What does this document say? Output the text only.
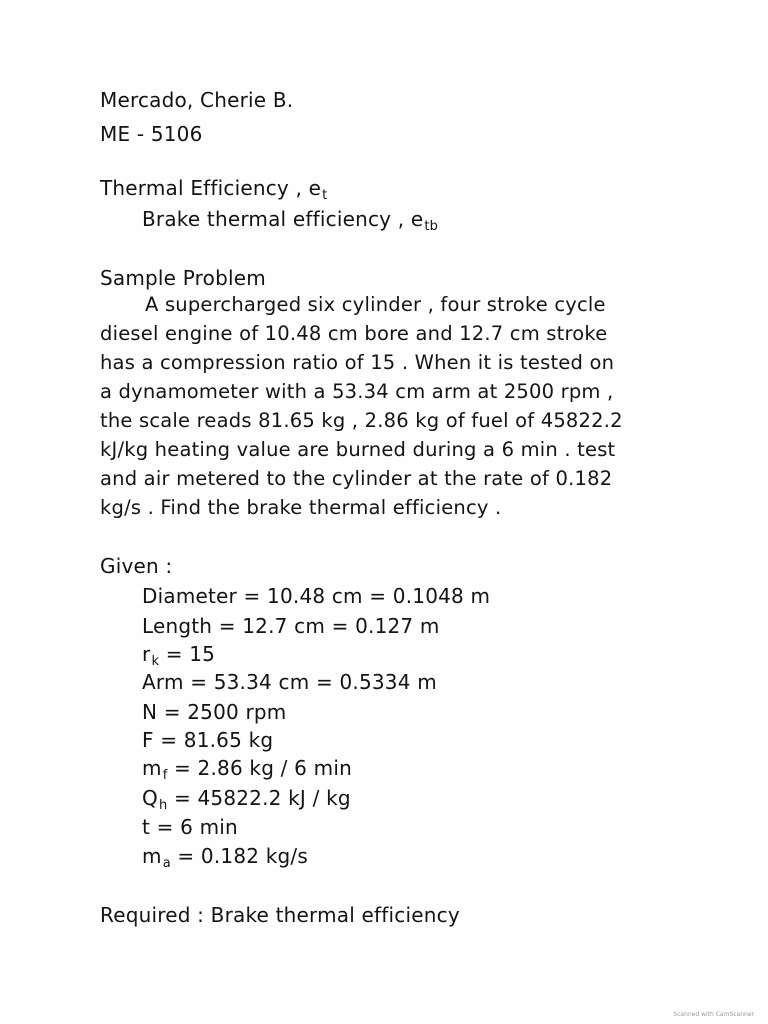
Mercado, Cherie B.
ME - 5106
Thermal Efficiency , $e_t$
Brake thermal efficiency , $e_{tb}$
Sample Problem
A supercharged six cylinder , four stroke cycle
diesel engine of 10.48 cm bore and 12.7 cm stroke
has a compression ratio of 15 . When it is tested on
a dynamometer with a 53.34 cm arm at 2500 rpm ,
the scale reads 81.65 kg , 2.86 kg of fuel of 45822.2
kJ/kg heating value are burned during a 6 min . test
and air metered to the cylinder at the rate of 0.182
kg/s . Find the brake thermal efficiency .
Given :
Diameter = 10.48 cm = 0.1048 m
Length = 12.7 cm = 0.127 m
$r_k = 15$
Arm = 53.34 cm = 0.5334 m
N = 2500 rpm
F = 81.65 kg
$m_f = 2.86$ kg / 6 min
$Q_h = 45822.2$ kJ / kg
t = 6 min
$m_a = 0.182$ kg/s
Required : Brake thermal efficiency
Scanned with CamScanner
